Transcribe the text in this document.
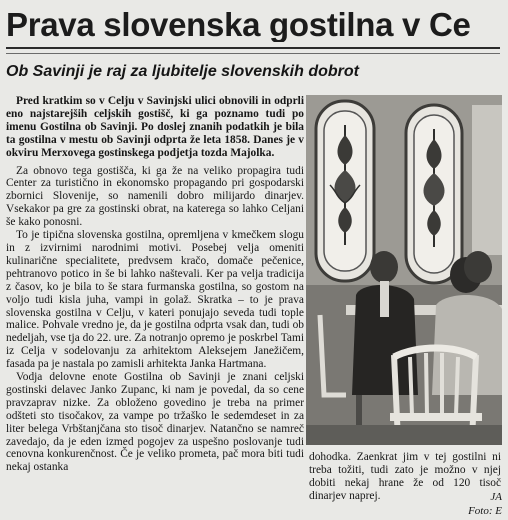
Prava slovenska gostilna v Ce
Ob Savinji je raj za ljubitelje slovenskih dobrot

Pred kratkim so v Celju v Savinjski ulici obnovili in odprli eno najstarejših celjskih gostišč, ki ga poznamo tudi po imenu Gostilna ob Savinji. Po doslej znanih podatkih je bila ta gostilna v mestu ob Savinji odprta že leta 1858. Danes je v okviru Merxovega gostinskega podjetja tozda Majolka.

Za obnovo tega gostišča, ki ga že na veliko propagira tudi Center za turistično in ekonomsko propagando pri gospodarski zbornici Slovenije, so namenili dobro milijardo dinarjev. Vsekakor pa gre za gostinski obrat, na katerega so lahko Celjani še kako ponosni.

To je tipična slovenska gostilna, opremljena v kmečkem slogu in z izvirnimi narodnimi motivi. Posebej velja omeniti kulinarične specialitete, predvsem kračo, domače pečenice, pehtranovo potico in še bi lahko naštevali. Ker pa velja tradicija z časov, ko je bila to še stara furmanska gostilna, so gostom na voljo tudi kisla juha, vampi in golaž. Skratka – to je prava slovenska gostilna v Celju, v kateri ponujajo seveda tudi tople malice. Pohvale vredno je, da je gostilna odprta vsak dan, tudi ob nedeljah, vse tja do 22. ure. Za notranjo opremo je poskrbel Tami iz Celja v sodelovanju za arhitektom Aleksejem Janežičem, fasada pa je nastala po zamisli arhitekta Janka Hartmana.

Vodja delovne enote Gostilna ob Savinji je znani celjski gostinski delavec Janko Zupanc, ki nam je povedal, da so cene pravzaprav nizke. Za obloženo govedino je treba na primer odšteti sto tisočakov, za vampe po tržaško le sedemdeset in za liter belega Vrbštanjčana sto tisoč dinarjev. Natančno se namreč zavedajo, da je eden izmed pogojev za uspešno poslovanje tudi cenovna konkurenčnost. Če je veliko prometa, pač mora biti tudi nekaj ostanka

dohodka. Zaenkrat jim v tej gostilni ni treba tožiti, tudi zato je možno v njej dobiti nekaj hrane že od 120 tisoč dinarjev naprej.	JA
Foto: E
